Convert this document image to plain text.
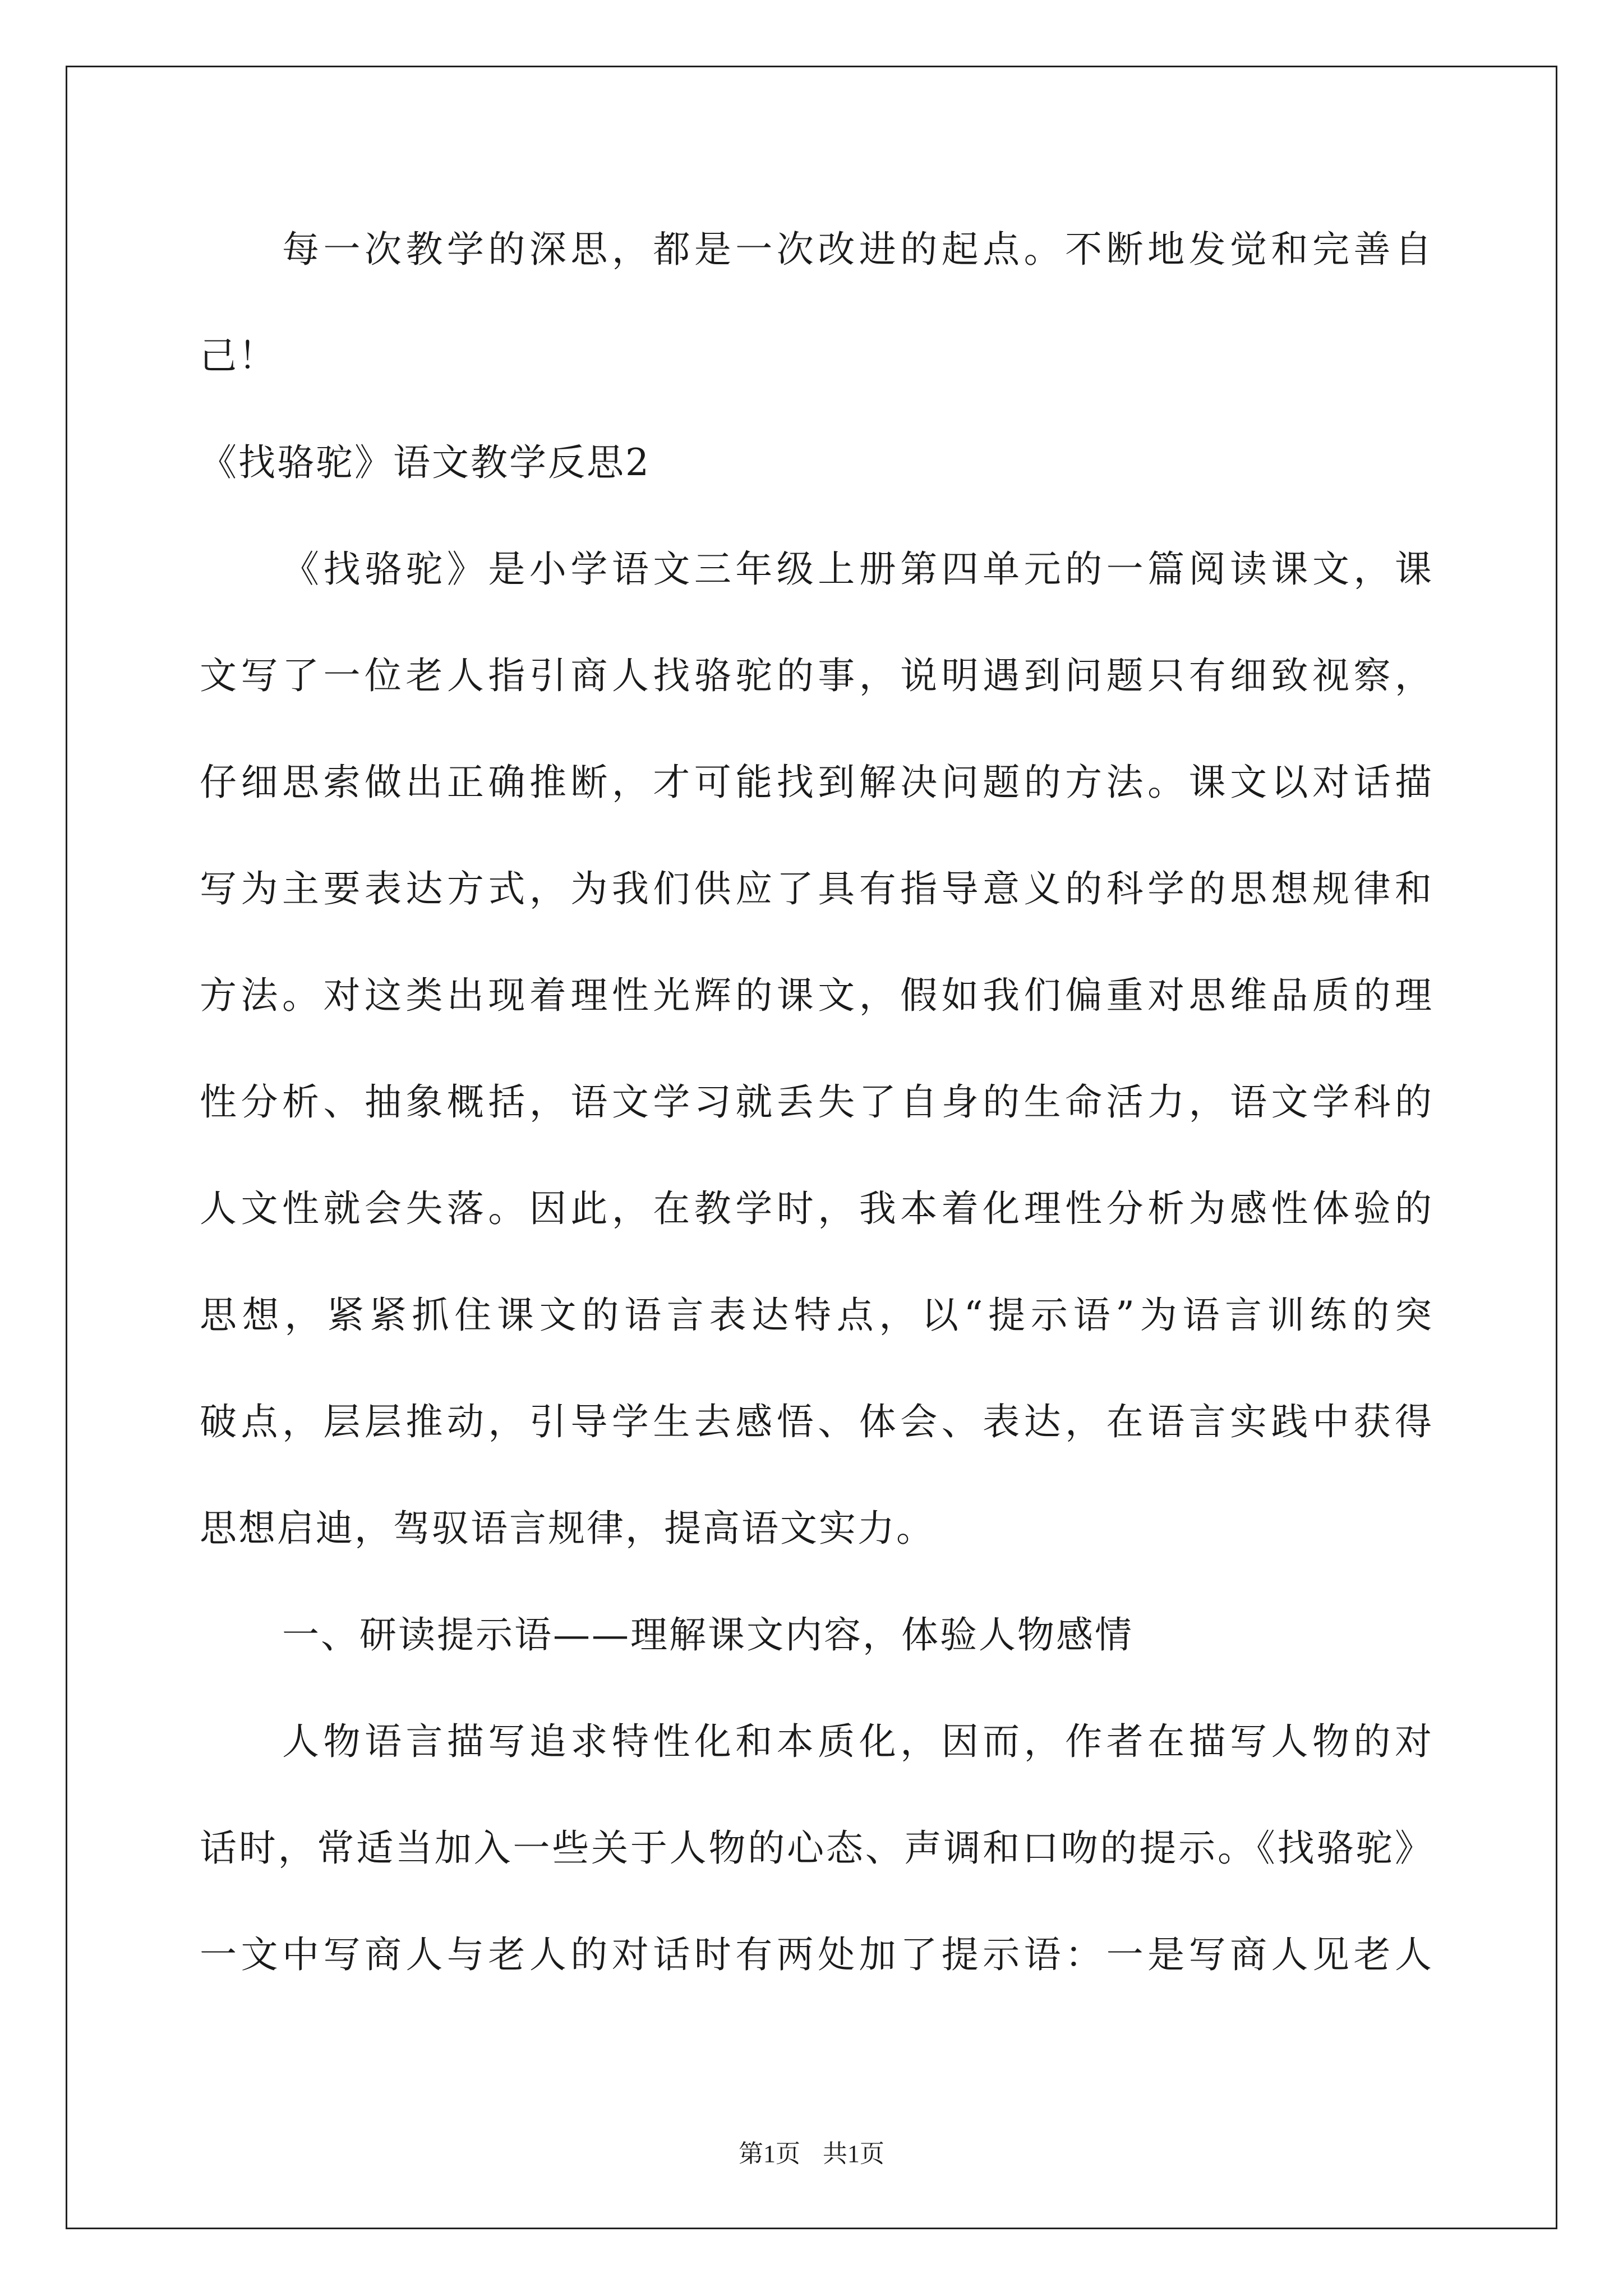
每一次教学的深思，都是一次改进的起点。不断地发觉和完善自
己！
《找骆驼》语文教学反思2
《找骆驼》是小学语文三年级上册第四单元的一篇阅读课文，课
文写了一位老人指引商人找骆驼的事，说明遇到问题只有细致视察，
仔细思索做出正确推断，才可能找到解决问题的方法。课文以对话描
写为主要表达方式，为我们供应了具有指导意义的科学的思想规律和
方法。对这类出现着理性光辉的课文，假如我们偏重对思维品质的理
性分析、抽象概括，语文学习就丢失了自身的生命活力，语文学科的
人文性就会失落。因此，在教学时，我本着化理性分析为感性体验的
思想，紧紧抓住课文的语言表达特点，以“提示语”为语言训练的突
破点，层层推动，引导学生去感悟、体会、表达，在语言实践中获得
思想启迪，驾驭语言规律，提高语文实力。
一、研读提示语——理解课文内容，体验人物感情
人物语言描写追求特性化和本质化，因而，作者在描写人物的对
话时，常适当加入一些关于人物的心态、声调和口吻的提示。《找骆驼》
一文中写商人与老人的对话时有两处加了提示语：一是写商人见老人
第1页 共1页
